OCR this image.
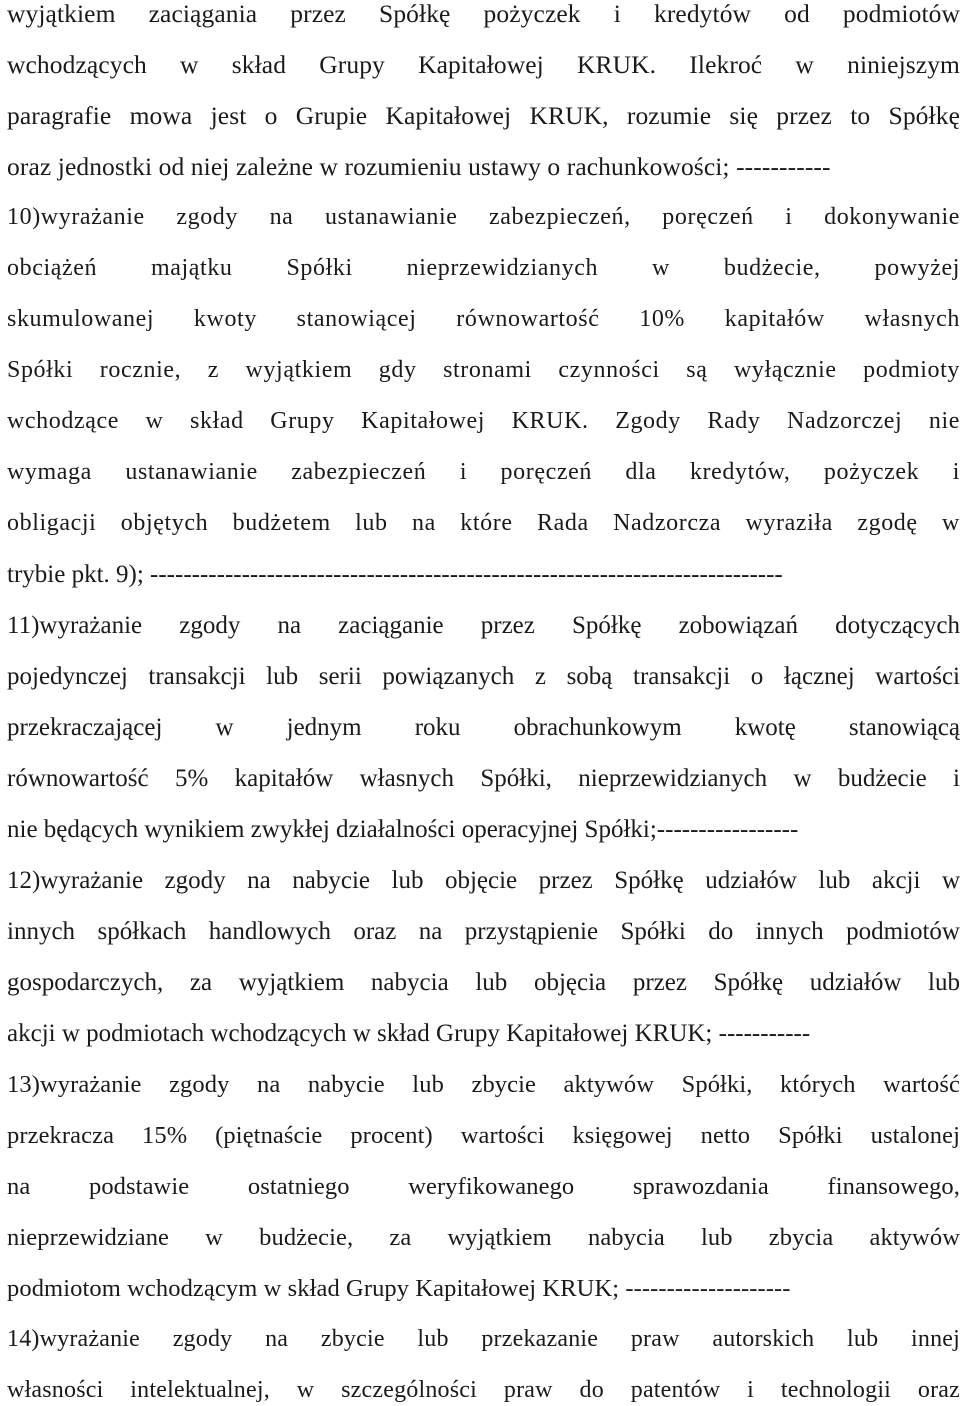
wyjątkiem zaciągania przez Spółkę pożyczek i kredytów od podmiotów
wchodzących w skład Grupy Kapitałowej KRUK. Ilekroć w niniejszym
paragrafie mowa jest o Grupie Kapitałowej KRUK, rozumie się przez to Spółkę
oraz jednostki od niej zależne w rozumieniu ustawy o rachunkowości; -----------
10)wyrażanie zgody na ustanawianie zabezpieczeń, poręczeń i dokonywanie
obciążeń majątku Spółki nieprzewidzianych w budżecie, powyżej
skumulowanej kwoty stanowiącej równowartość 10% kapitałów własnych
Spółki rocznie, z wyjątkiem gdy stronami czynności są wyłącznie podmioty
wchodzące w skład Grupy Kapitałowej KRUK. Zgody Rady Nadzorczej nie
wymaga ustanawianie zabezpieczeń i poręczeń dla kredytów, pożyczek i
obligacji objętych budżetem lub na które Rada Nadzorcza wyraziła zgodę w
trybie pkt. 9); ----------------------------------------------------------------------------
11)wyrażanie zgody na zaciąganie przez Spółkę zobowiązań dotyczących
pojedynczej transakcji lub serii powiązanych z sobą transakcji o łącznej wartości
przekraczającej w jednym roku obrachunkowym kwotę stanowiącą
równowartość 5% kapitałów własnych Spółki, nieprzewidzianych w budżecie i
nie będących wynikiem zwykłej działalności operacyjnej Spółki;-----------------
12)wyrażanie zgody na nabycie lub objęcie przez Spółkę udziałów lub akcji w
innych spółkach handlowych oraz na przystąpienie Spółki do innych podmiotów
gospodarczych, za wyjątkiem nabycia lub objęcia przez Spółkę udziałów lub
akcji w podmiotach wchodzących w skład Grupy Kapitałowej KRUK; -----------
13)wyrażanie zgody na nabycie lub zbycie aktywów Spółki, których wartość
przekracza 15% (piętnaście procent) wartości księgowej netto Spółki ustalonej
na podstawie ostatniego weryfikowanego sprawozdania finansowego,
nieprzewidziane w budżecie, za wyjątkiem nabycia lub zbycia aktywów
podmiotom wchodzącym w skład Grupy Kapitałowej KRUK; --------------------
14)wyrażanie zgody na zbycie lub przekazanie praw autorskich lub innej
własności intelektualnej, w szczególności praw do patentów i technologii oraz
